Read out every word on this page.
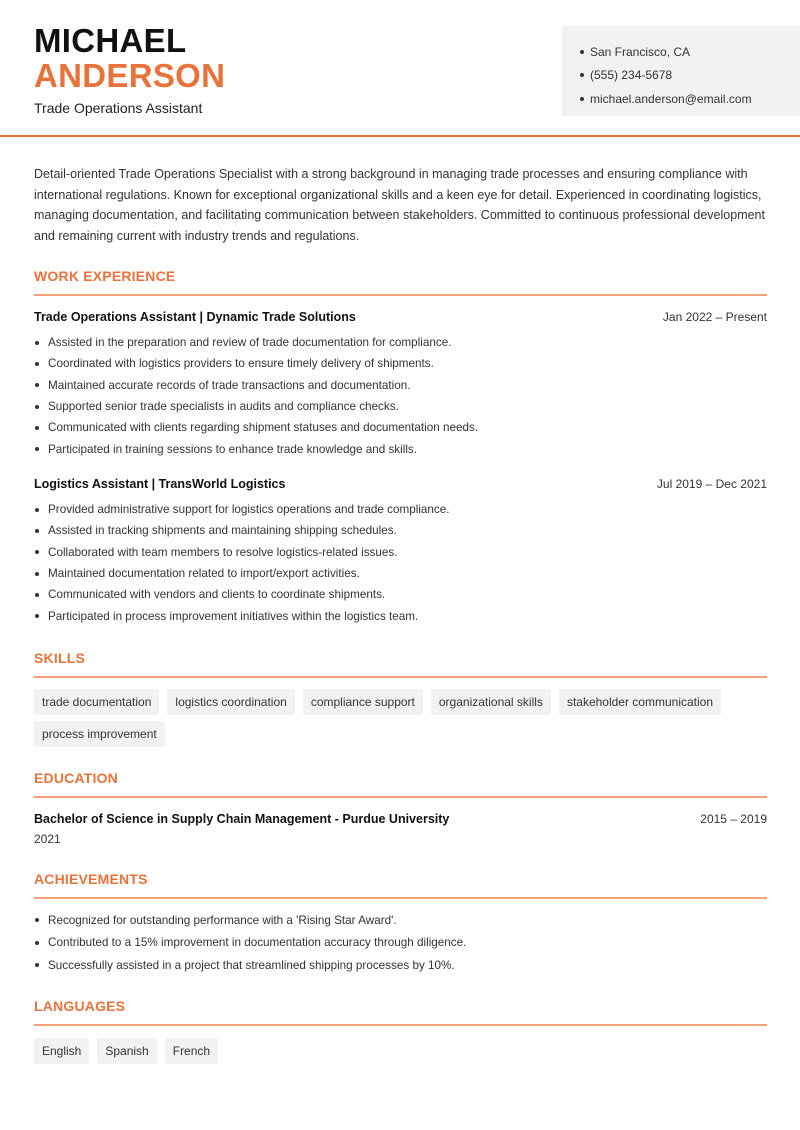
MICHAEL
ANDERSON
Trade Operations Assistant
San Francisco, CA
(555) 234-5678
michael.anderson@email.com

Detail-oriented Trade Operations Specialist with a strong background in managing trade processes and ensuring compliance with international regulations. Known for exceptional organizational skills and a keen eye for detail. Experienced in coordinating logistics, managing documentation, and facilitating communication between stakeholders. Committed to continuous professional development and remaining current with industry trends and regulations.

WORK EXPERIENCE
Trade Operations Assistant | Dynamic Trade Solutions	Jan 2022 – Present
Assisted in the preparation and review of trade documentation for compliance.
Coordinated with logistics providers to ensure timely delivery of shipments.
Maintained accurate records of trade transactions and documentation.
Supported senior trade specialists in audits and compliance checks.
Communicated with clients regarding shipment statuses and documentation needs.
Participated in training sessions to enhance trade knowledge and skills.
Logistics Assistant | TransWorld Logistics	Jul 2019 – Dec 2021
Provided administrative support for logistics operations and trade compliance.
Assisted in tracking shipments and maintaining shipping schedules.
Collaborated with team members to resolve logistics-related issues.
Maintained documentation related to import/export activities.
Communicated with vendors and clients to coordinate shipments.
Participated in process improvement initiatives within the logistics team.
SKILLS
trade documentation	logistics coordination	compliance support	organizational skills	stakeholder communication
process improvement
EDUCATION
Bachelor of Science in Supply Chain Management - Purdue University	2015 – 2019
2021
ACHIEVEMENTS
Recognized for outstanding performance with a 'Rising Star Award'.
Contributed to a 15% improvement in documentation accuracy through diligence.
Successfully assisted in a project that streamlined shipping processes by 10%.
LANGUAGES
English	Spanish	French
